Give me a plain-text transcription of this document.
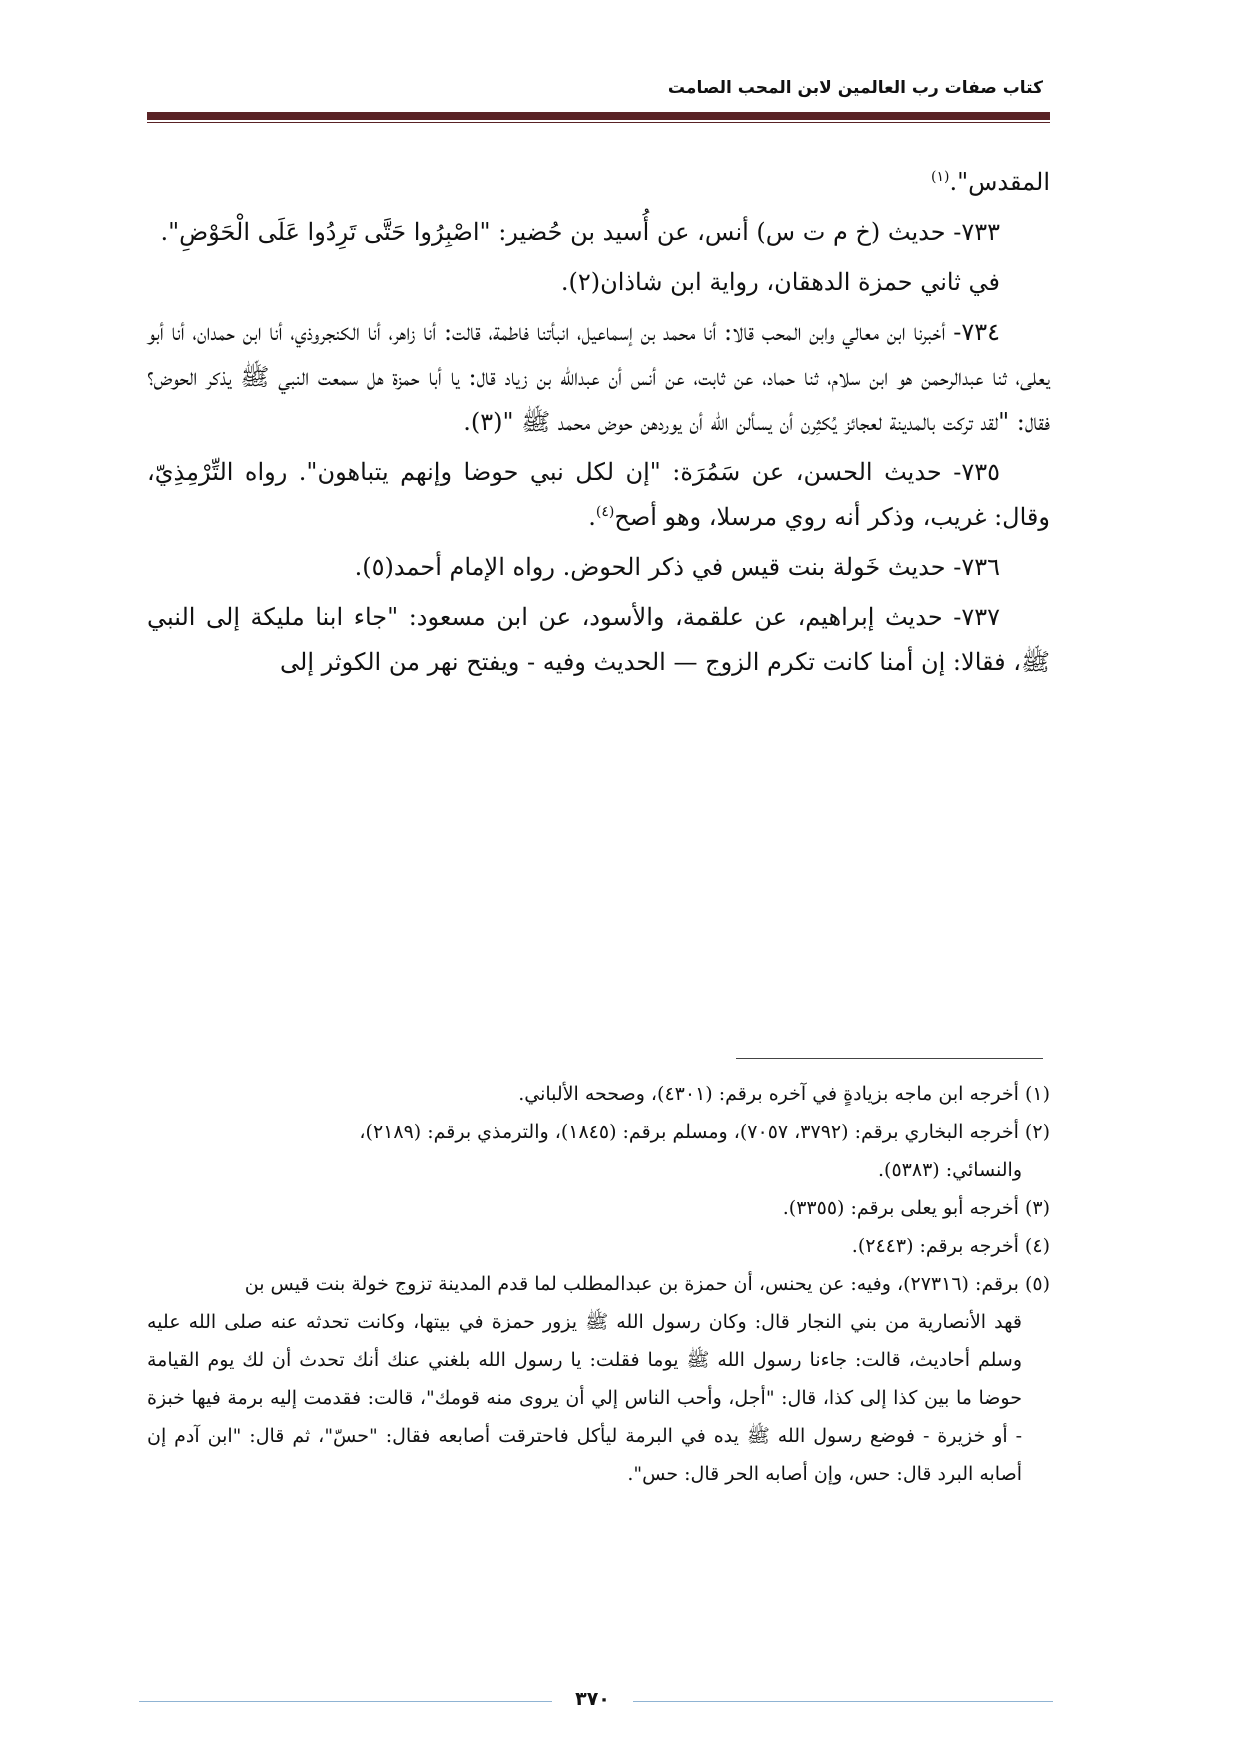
كتاب صفات رب العالمين لابن المحب الصامت

المقدس".$^{(١)}$

٧٣٣- حديث (خ م ت س) أنس، عن أُسيد بن حُضير: "اصْبِرُوا حَتَّى تَرِدُوا عَلَى الْحَوْضِ".

في ثاني حمزة الدهقان، رواية ابن شاذان(٢).

٧٣٤- أخبرنا ابن معالي وابن المحب قالا: أنا محمد بن إسماعيل، انبأتنا فاطمة، قالت: أنا زاهر، أنا الكنجروذي، أنا ابن حمدان، أنا أبو يعلى، ثنا عبدالرحمن هو ابن سلام، ثنا حماد، عن ثابت، عن أنس أن عبدالله بن زياد قال: يا أبا حمزة هل سمعت النبي ﷺ يذكر الحوض؟ فقال: "لقد تركت بالمدينة لعجائز يُكثِرن أن يسألن الله أن يوردهن حوض محمد ﷺ "(٣).

٧٣٥- حديث الحسن، عن سَمُرَة: "إن لكل نبي حوضا وإنهم يتباهون". رواه التِّرْمِذِيّ، وقال: غريب، وذكر أنه روي مرسلا، وهو أصح$^{(٤)}$.

٧٣٦- حديث خَولة بنت قيس في ذكر الحوض. رواه الإمام أحمد(٥).

٧٣٧- حديث إبراهيم، عن علقمة، والأسود، عن ابن مسعود: "جاء ابنا مليكة إلى النبي ﷺ، فقالا: إن أمنا كانت تكرم الزوج — الحديث وفيه - ويفتح نهر من الكوثر إلى

(١) أخرجه ابن ماجه بزيادةٍ في آخره برقم: (٤٣٠١)، وصححه الألباني.

(٢) أخرجه البخاري برقم: (٣٧٩٢، ٧٠٥٧)، ومسلم برقم: (١٨٤٥)، والترمذي برقم: (٢١٨٩)،

والنسائي: (٥٣٨٣).

(٣) أخرجه أبو يعلى برقم: (٣٣٥٥).

(٤) أخرجه برقم: (٢٤٤٣).

(٥) برقم: (٢٧٣١٦)، وفيه: عن يحنس، أن حمزة بن عبدالمطلب لما قدم المدينة تزوج خولة بنت قيس بن

قهد الأنصارية من بني النجار قال: وكان رسول الله ﷺ يزور حمزة في بيتها، وكانت تحدثه عنه صلى الله عليه وسلم أحاديث، قالت: جاءنا رسول الله ﷺ يوما فقلت: يا رسول الله بلغني عنك أنك تحدث أن لك يوم القيامة حوضا ما بين كذا إلى كذا، قال: "أجل، وأحب الناس إلي أن يروى منه قومك"، قالت: فقدمت إليه برمة فيها خبزة - أو خزيرة - فوضع رسول الله ﷺ يده في البرمة ليأكل فاحترقت أصابعه فقال: "حسّ"، ثم قال: "ابن آدم إن أصابه البرد قال: حس، وإن أصابه الحر قال: حس".

٣٧٠
